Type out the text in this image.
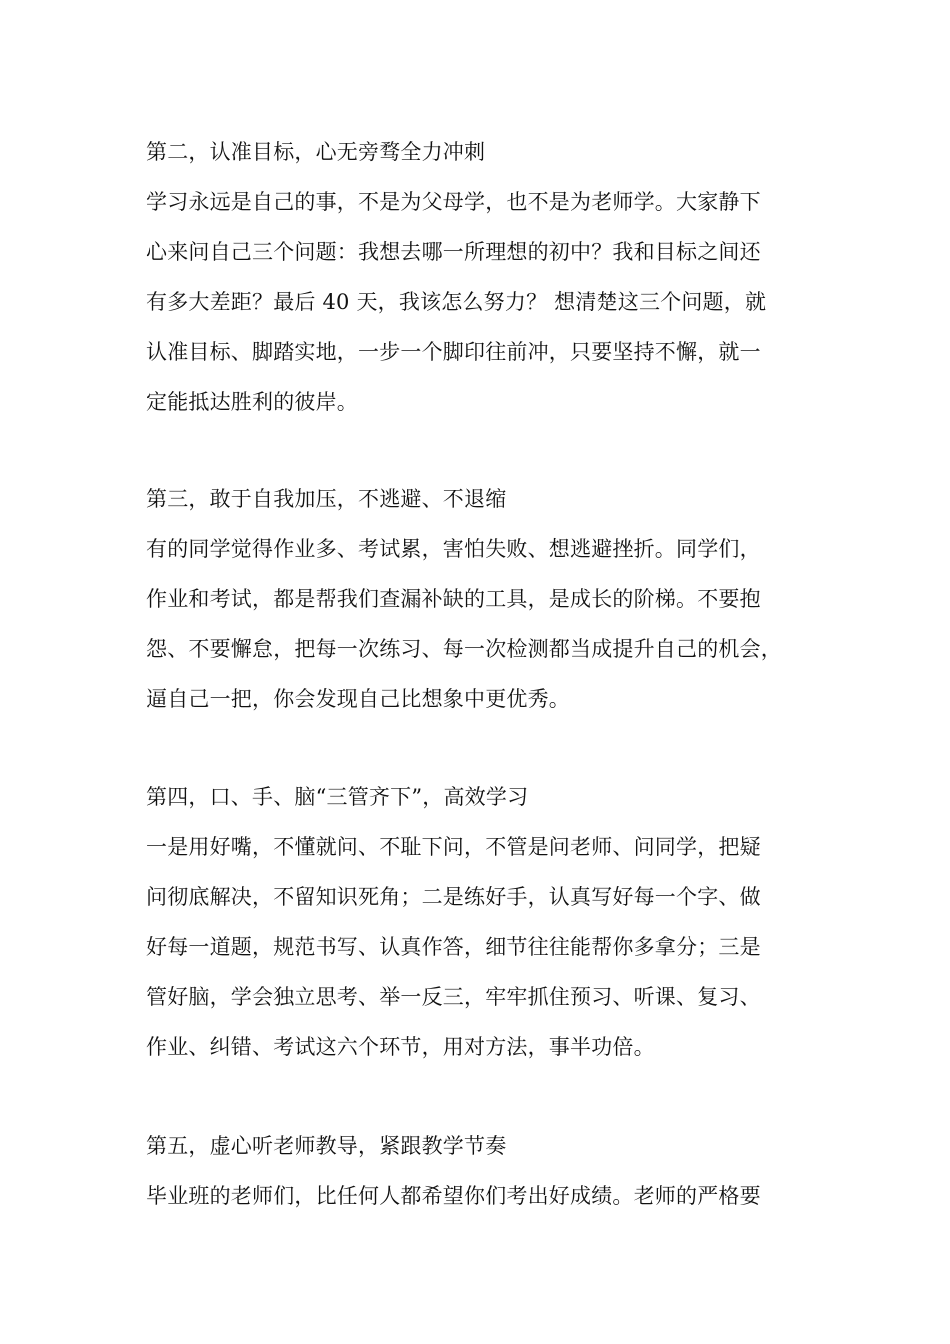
第二，认准目标，心无旁骛全力冲刺

学习永远是自己的事，不是为父母学，也不是为老师学。大家静下

心来问自己三个问题：我想去哪一所理想的初中？我和目标之间还

有多大差距？最后 40 天，我该怎么努力？ 想清楚这三个问题，就

认准目标、脚踏实地，一步一个脚印往前冲，只要坚持不懈，就一

定能抵达胜利的彼岸。

第三，敢于自我加压，不逃避、不退缩

有的同学觉得作业多、考试累，害怕失败、想逃避挫折。同学们，

作业和考试，都是帮我们查漏补缺的工具，是成长的阶梯。不要抱

怨、不要懈怠，把每一次练习、每一次检测都当成提升自己的机会，

逼自己一把，你会发现自己比想象中更优秀。

第四，口、手、脑“三管齐下”，高效学习

一是用好嘴，不懂就问、不耻下问，不管是问老师、问同学，把疑

问彻底解决，不留知识死角；二是练好手，认真写好每一个字、做

好每一道题，规范书写、认真作答，细节往往能帮你多拿分；三是

管好脑，学会独立思考、举一反三，牢牢抓住预习、听课、复习、

作业、纠错、考试这六个环节，用对方法，事半功倍。

第五，虚心听老师教导，紧跟教学节奏

毕业班的老师们，比任何人都希望你们考出好成绩。老师的严格要
